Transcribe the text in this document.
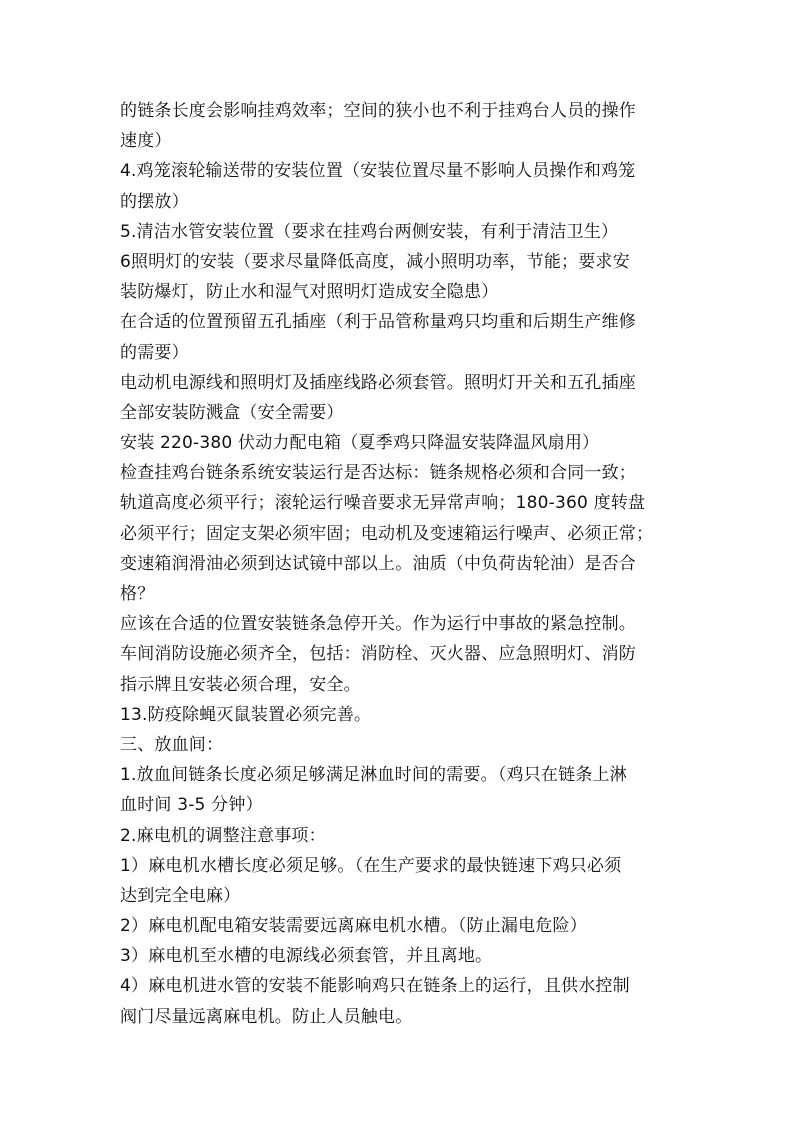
的链条长度会影响挂鸡效率；空间的狭小也不利于挂鸡台人员的操作
速度）
4.鸡笼滚轮输送带的安装位置（安装位置尽量不影响人员操作和鸡笼
的摆放）
5.清洁水管安装位置（要求在挂鸡台两侧安装，有利于清洁卫生）
6照明灯的安装（要求尽量降低高度，减小照明功率，节能；要求安
装防爆灯，防止水和湿气对照明灯造成安全隐患）
在合适的位置预留五孔插座（利于品管称量鸡只均重和后期生产维修
的需要）
电动机电源线和照明灯及插座线路必须套管。照明灯开关和五孔插座
全部安装防溅盒（安全需要）
安装 220-380 伏动力配电箱（夏季鸡只降温安装降温风扇用）
检查挂鸡台链条系统安装运行是否达标：链条规格必须和合同一致；
轨道高度必须平行；滚轮运行噪音要求无异常声响；180-360 度转盘
必须平行；固定支架必须牢固；电动机及变速箱运行噪声、必须正常；
变速箱润滑油必须到达试镜中部以上。油质（中负荷齿轮油）是否合
格？
应该在合适的位置安装链条急停开关。作为运行中事故的紧急控制。
车间消防设施必须齐全，包括：消防栓、灭火器、应急照明灯、消防
指示牌且安装必须合理，安全。
13.防疫除蝇灭鼠装置必须完善。
三、放血间：
1.放血间链条长度必须足够满足淋血时间的需要。（鸡只在链条上淋
血时间 3-5 分钟）
2.麻电机的调整注意事项：
1）麻电机水槽长度必须足够。（在生产要求的最快链速下鸡只必须
达到完全电麻）
2）麻电机配电箱安装需要远离麻电机水槽。（防止漏电危险）
3）麻电机至水槽的电源线必须套管，并且离地。
4）麻电机进水管的安装不能影响鸡只在链条上的运行，且供水控制
阀门尽量远离麻电机。防止人员触电。
